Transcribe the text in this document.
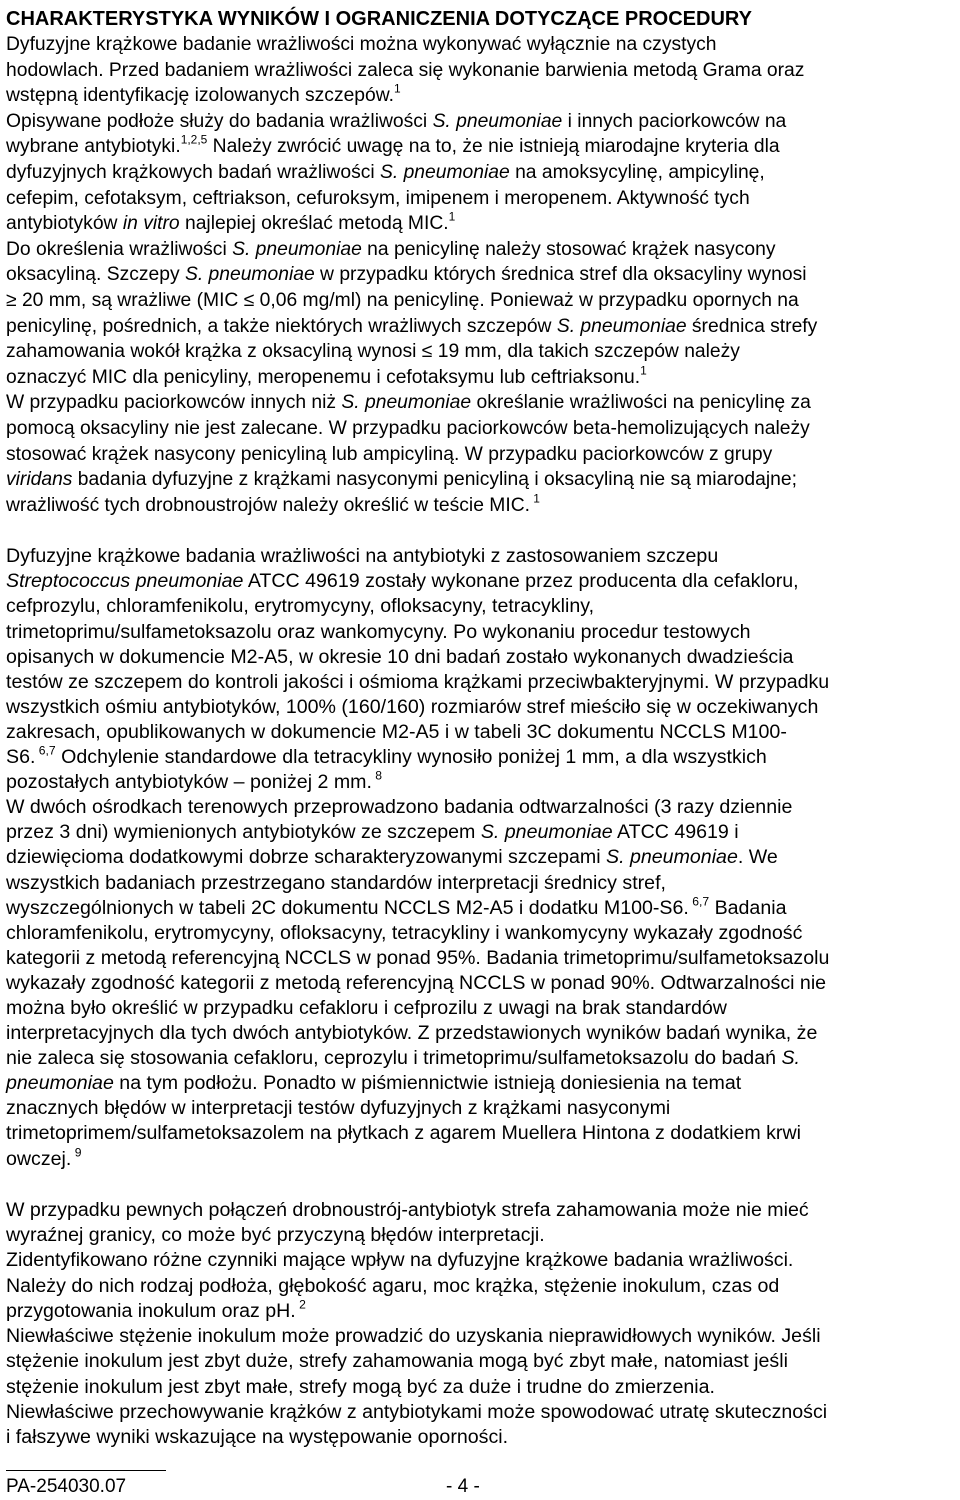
CHARAKTERYSTYKA WYNIKÓW I OGRANICZENIA DOTYCZĄCE PROCEDURY
Dyfuzyjne krążkowe badanie wrażliwości można wykonywać wyłącznie na czystych
hodowlach. Przed badaniem wrażliwości zaleca się wykonanie barwienia metodą Grama oraz
wstępną identyfikację izolowanych szczepów.$^1$
Opisywane podłoże służy do badania wrażliwości S. pneumoniae i innych paciorkowców na
wybrane antybiotyki.$^{1,2,5}$ Należy zwrócić uwagę na to, że nie istnieją miarodajne kryteria dla
dyfuzyjnych krążkowych badań wrażliwości S. pneumoniae na amoksycylinę, ampicylinę,
cefepim, cefotaksym, ceftriakson, cefuroksym, imipenem i meropenem. Aktywność tych
antybiotyków in vitro najlepiej określać metodą MIC.$^1$
Do określenia wrażliwości S. pneumoniae na penicylinę należy stosować krążek nasycony
oksacyliną. Szczepy S. pneumoniae w przypadku których średnica stref dla oksacyliny wynosi
≥ 20 mm, są wrażliwe (MIC ≤ 0,06 mg/ml) na penicylinę. Ponieważ w przypadku opornych na
penicylinę, pośrednich, a także niektórych wrażliwych szczepów S. pneumoniae średnica strefy
zahamowania wokół krążka z oksacyliną wynosi ≤ 19 mm, dla takich szczepów należy
oznaczyć MIC dla penicyliny, meropenemu i cefotaksymu lub ceftriaksonu.$^1$
W przypadku paciorkowców innych niż S. pneumoniae określanie wrażliwości na penicylinę za
pomocą oksacyliny nie jest zalecane. W przypadku paciorkowców beta-hemolizujących należy
stosować krążek nasycony penicyliną lub ampicyliną. W przypadku paciorkowców z grupy
viridans badania dyfuzyjne z krążkami nasyconymi penicyliną i oksacyliną nie są miarodajne;
wrażliwość tych drobnoustrojów należy określić w teście MIC. $^1$
Dyfuzyjne krążkowe badania wrażliwości na antybiotyki z zastosowaniem szczepu
Streptococcus pneumoniae ATCC 49619 zostały wykonane przez producenta dla cefakloru,
cefprozylu, chloramfenikolu, erytromycyny, ofloksacyny, tetracykliny,
trimetoprimu/sulfametoksazolu oraz wankomycyny. Po wykonaniu procedur testowych
opisanych w dokumencie M2-A5, w okresie 10 dni badań zostało wykonanych dwadzieścia
testów ze szczepem do kontroli jakości i ośmioma krążkami przeciwbakteryjnymi. W przypadku
wszystkich ośmiu antybiotyków, 100% (160/160) rozmiarów stref mieściło się w oczekiwanych
zakresach, opublikowanych w dokumencie M2-A5 i w tabeli 3C dokumentu NCCLS M100-
S6. $^{6,7}$ Odchylenie standardowe dla tetracykliny wynosiło poniżej 1 mm, a dla wszystkich
pozostałych antybiotyków – poniżej 2 mm. $^8$
W dwóch ośrodkach terenowych przeprowadzono badania odtwarzalności (3 razy dziennie
przez 3 dni) wymienionych antybiotyków ze szczepem S. pneumoniae ATCC 49619 i
dziewięcioma dodatkowymi dobrze scharakteryzowanymi szczepami S. pneumoniae. We
wszystkich badaniach przestrzegano standardów interpretacji średnicy stref,
wyszczególnionych w tabeli 2C dokumentu NCCLS M2-A5 i dodatku M100-S6. $^{6,7}$ Badania
chloramfenikolu, erytromycyny, ofloksacyny, tetracykliny i wankomycyny wykazały zgodność
kategorii z metodą referencyjną NCCLS w ponad 95%. Badania trimetoprimu/sulfametoksazolu
wykazały zgodność kategorii z metodą referencyjną NCCLS w ponad 90%. Odtwarzalności nie
można było określić w przypadku cefakloru i cefprozilu z uwagi na brak standardów
interpretacyjnych dla tych dwóch antybiotyków. Z przedstawionych wyników badań wynika, że
nie zaleca się stosowania cefakloru, ceprozylu i trimetoprimu/sulfametoksazolu do badań S.
pneumoniae na tym podłożu. Ponadto w piśmiennictwie istnieją doniesienia na temat
znacznych błędów w interpretacji testów dyfuzyjnych z krążkami nasyconymi
trimetoprimem/sulfametoksazolem na płytkach z agarem Muellera Hintona z dodatkiem krwi
owczej. $^9$
W przypadku pewnych połączeń drobnoustrój-antybiotyk strefa zahamowania może nie mieć
wyraźnej granicy, co może być przyczyną błędów interpretacji.
Zidentyfikowano różne czynniki mające wpływ na dyfuzyjne krążkowe badania wrażliwości.
Należy do nich rodzaj podłoża, głębokość agaru, moc krążka, stężenie inokulum, czas od
przygotowania inokulum oraz pH. $^2$
Niewłaściwe stężenie inokulum może prowadzić do uzyskania nieprawidłowych wyników. Jeśli
stężenie inokulum jest zbyt duże, strefy zahamowania mogą być zbyt małe, natomiast jeśli
stężenie inokulum jest zbyt małe, strefy mogą być za duże i trudne do zmierzenia.
Niewłaściwe przechowywanie krążków z antybiotykami może spowodować utratę skuteczności
i fałszywe wyniki wskazujące na występowanie oporności.
PA-254030.07	- 4 -
